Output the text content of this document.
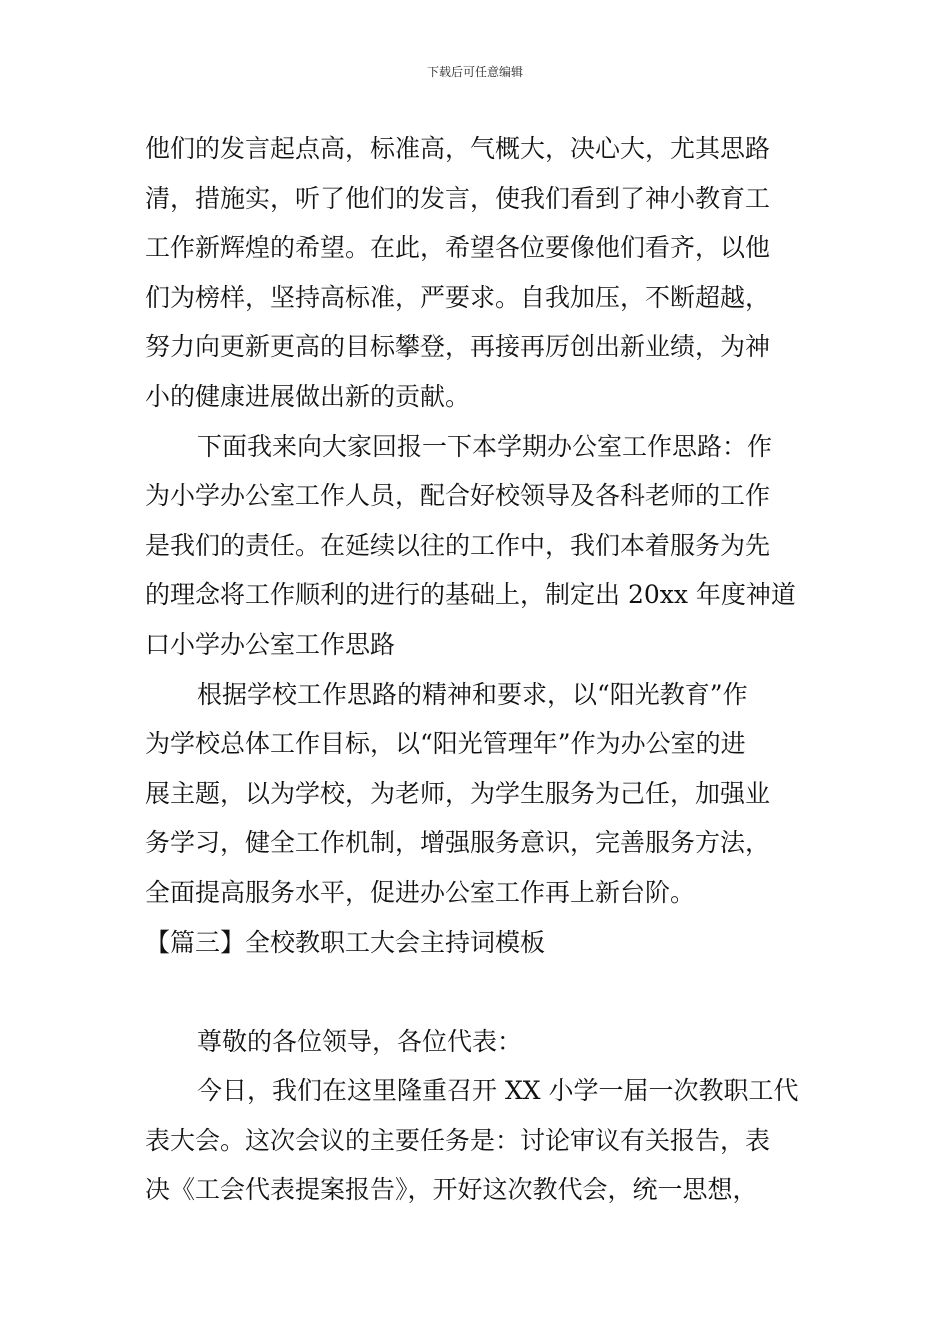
下载后可任意编辑
他们的发言起点高，标准高，气概大，决心大，尤其思路
清，措施实，听了他们的发言，使我们看到了神小教育工
工作新辉煌的希望。在此，希望各位要像他们看齐，以他
们为榜样，坚持高标准，严要求。自我加压，不断超越，
努力向更新更高的目标攀登，再接再厉创出新业绩，为神
小的健康进展做出新的贡献。
下面我来向大家回报一下本学期办公室工作思路：作
为小学办公室工作人员，配合好校领导及各科老师的工作
是我们的责任。在延续以往的工作中，我们本着服务为先
的理念将工作顺利的进行的基础上，制定出 20xx 年度神道
口小学办公室工作思路
根据学校工作思路的精神和要求，以“阳光教育”作
为学校总体工作目标，以“阳光管理年”作为办公室的进
展主题，以为学校，为老师，为学生服务为己任，加强业
务学习，健全工作机制，增强服务意识，完善服务方法，
全面提高服务水平，促进办公室工作再上新台阶。
【篇三】全校教职工大会主持词模板
尊敬的各位领导，各位代表：
今日，我们在这里隆重召开 XX 小学一届一次教职工代
表大会。这次会议的主要任务是：讨论审议有关报告，表
决《工会代表提案报告》，开好这次教代会，统一思想，
